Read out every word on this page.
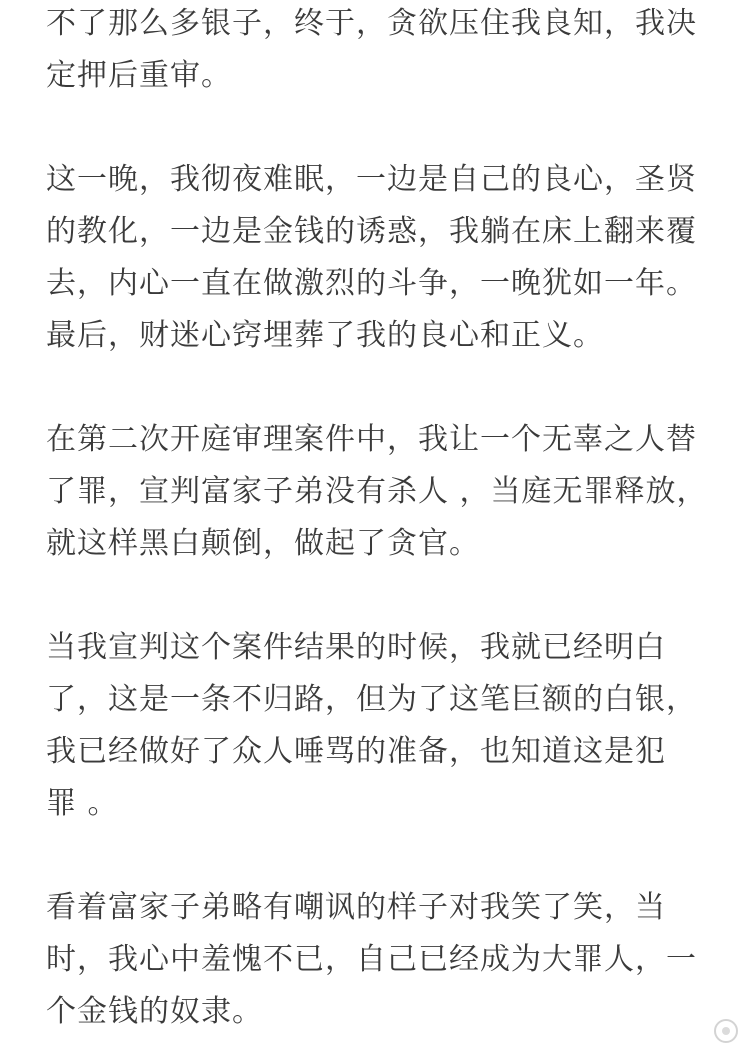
不了那么多银子，终于，贪欲压住我良知，我决
定押后重审。

这一晚，我彻夜难眠，一边是自己的良心，圣贤
的教化，一边是金钱的诱惑，我躺在床上翻来覆
去，内心一直在做激烈的斗争，一晚犹如一年。
最后，财迷心窍埋葬了我的良心和正义。

在第二次开庭审理案件中，我让一个无辜之人替
了罪，宣判富家子弟没有杀人 ，当庭无罪释放，
就这样黑白颠倒，做起了贪官。

当我宣判这个案件结果的时候，我就已经明白
了，这是一条不归路，但为了这笔巨额的白银，
我已经做好了众人唾骂的准备，也知道这是犯
罪 。

看着富家子弟略有嘲讽的样子对我笑了笑，当
时，我心中羞愧不已，自己已经成为大罪人，一
个金钱的奴隶。
